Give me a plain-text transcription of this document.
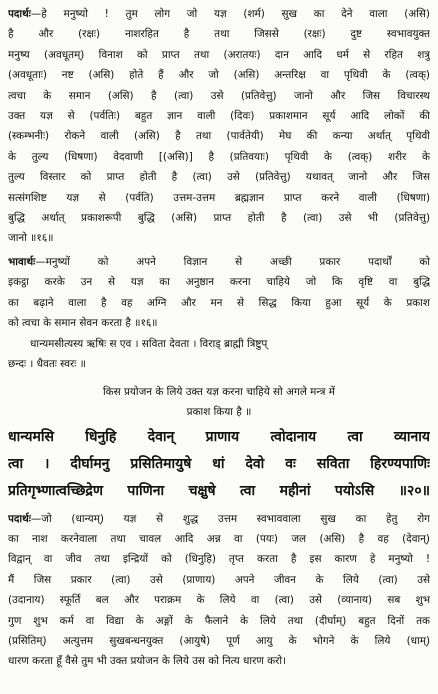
पदार्थः—हे मनुष्यो ! तुम लोग जो यज्ञ (शर्म) सुख का देने वाला (असि)
है और (रक्षः) नाशरहित है तथा जिससे (रक्षः) दुष्ट स्वभावयुक्त
मनुष्य (अवधूतम्) विनाश को प्राप्त तथा (अरातयः) दान आदि धर्म से रहित शत्रु
(अवधूताः) नष्ट (असि) होते हैं और जो (असि) अन्तरिक्ष वा पृथिवी के (त्वक्)
त्वचा के समान (असि) है (त्वा) उसे (प्रतिवेत्तु) जानो और जिस विचारस्थ
उक्त यज्ञ से (पर्वतिः) बहुत ज्ञान वाली (दिवः) प्रकाशमान सूर्य आदि लोकों की
(स्कम्भनीः) रोकने वाली (असि) है तथा (पार्वतेयी) मेघ की कन्या अर्थात् पृथिवी
के तुल्य (धिषणा) वेदवाणी [(असि)] है (प्रतिवयाः) पृथिवी के (त्वक्) शरीर के
तुल्य विस्तार को प्राप्त होती है (त्वा) उसे (प्रतिवेत्तु) यथावत् जानो और जिस
सत्संगशिष्ट यज्ञ से (पर्वति) उत्तम-उत्तम ब्रह्मज्ञान प्राप्त करने वाली (धिषणा)
बुद्धि अर्थात् प्रकाशरूपी बुद्धि (असि) प्राप्त होती है (त्वा) उसे भी (प्रतिवेत्तु)
जानो ॥१६॥

भावार्थः—मनुष्यों को अपने विज्ञान से अच्छी प्रकार पदार्थों को
इकट्ठा करके उन से यज्ञ का अनुष्ठान करना चाहिये जो कि वृष्टि वा बुद्धि
का बढ़ाने वाला है वह अग्नि और मन से सिद्ध किया हुआ सूर्य के प्रकाश
को त्वचा के समान सेवन करता है ॥१६॥

धान्यमसीत्यस्य ऋषिः स एव । सविता देवता । विराड् ब्राह्मी त्रिष्टुप्
छन्दः । धैवतः स्वरः ॥

किस प्रयोजन के लिये उक्त यज्ञ करना चाहिये सो अगले मन्त्र में
प्रकाश किया है ॥
धान्यमसि धिनुहि देवान् प्राणाय त्वोदानाय त्वा व्यानाय
त्वा । दीर्घामनु प्रसितिमायुषे धां देवो वः सविता हिरण्यपाणिः
प्रतिगृभ्णात्वच्छिद्रेण पाणिना चक्षुषे त्वा महीनां पयोऽसि ॥२०॥

पदार्थः—जो (धान्यम्) यज्ञ से शुद्ध उत्तम स्वभाववाला सुख का हेतु रोग
का नाश करनेवाला तथा चावल आदि अन्न वा (पयः) जल (असि) है वह (देवान्)
विद्वान् वा जीव तथा इन्द्रियों को (धिनुहि) तृप्त करता है इस कारण हे मनुष्यो !
मैं जिस प्रकार (त्वा) उसे (प्राणाय) अपने जीवन के लिये (त्वा) उसे
(उदानाय) स्फूर्ति बल और पराक्रम के लिये वा (त्वा) उसे (व्यानाय) सब शुभ
गुण शुभ कर्म वा विद्या के अङ्गों के फैलाने के लिये तथा (दीर्घाम्) बहुत दिनों तक
(प्रसितिम्) अत्युत्तम सुखबन्धनयुक्त (आयुषे) पूर्ण आयु के भोगने के लिये (धाम्)
धारण करता हूँ वैसे तुम भी उक्त प्रयोजन के लिये उस को नित्य धारण करो।
